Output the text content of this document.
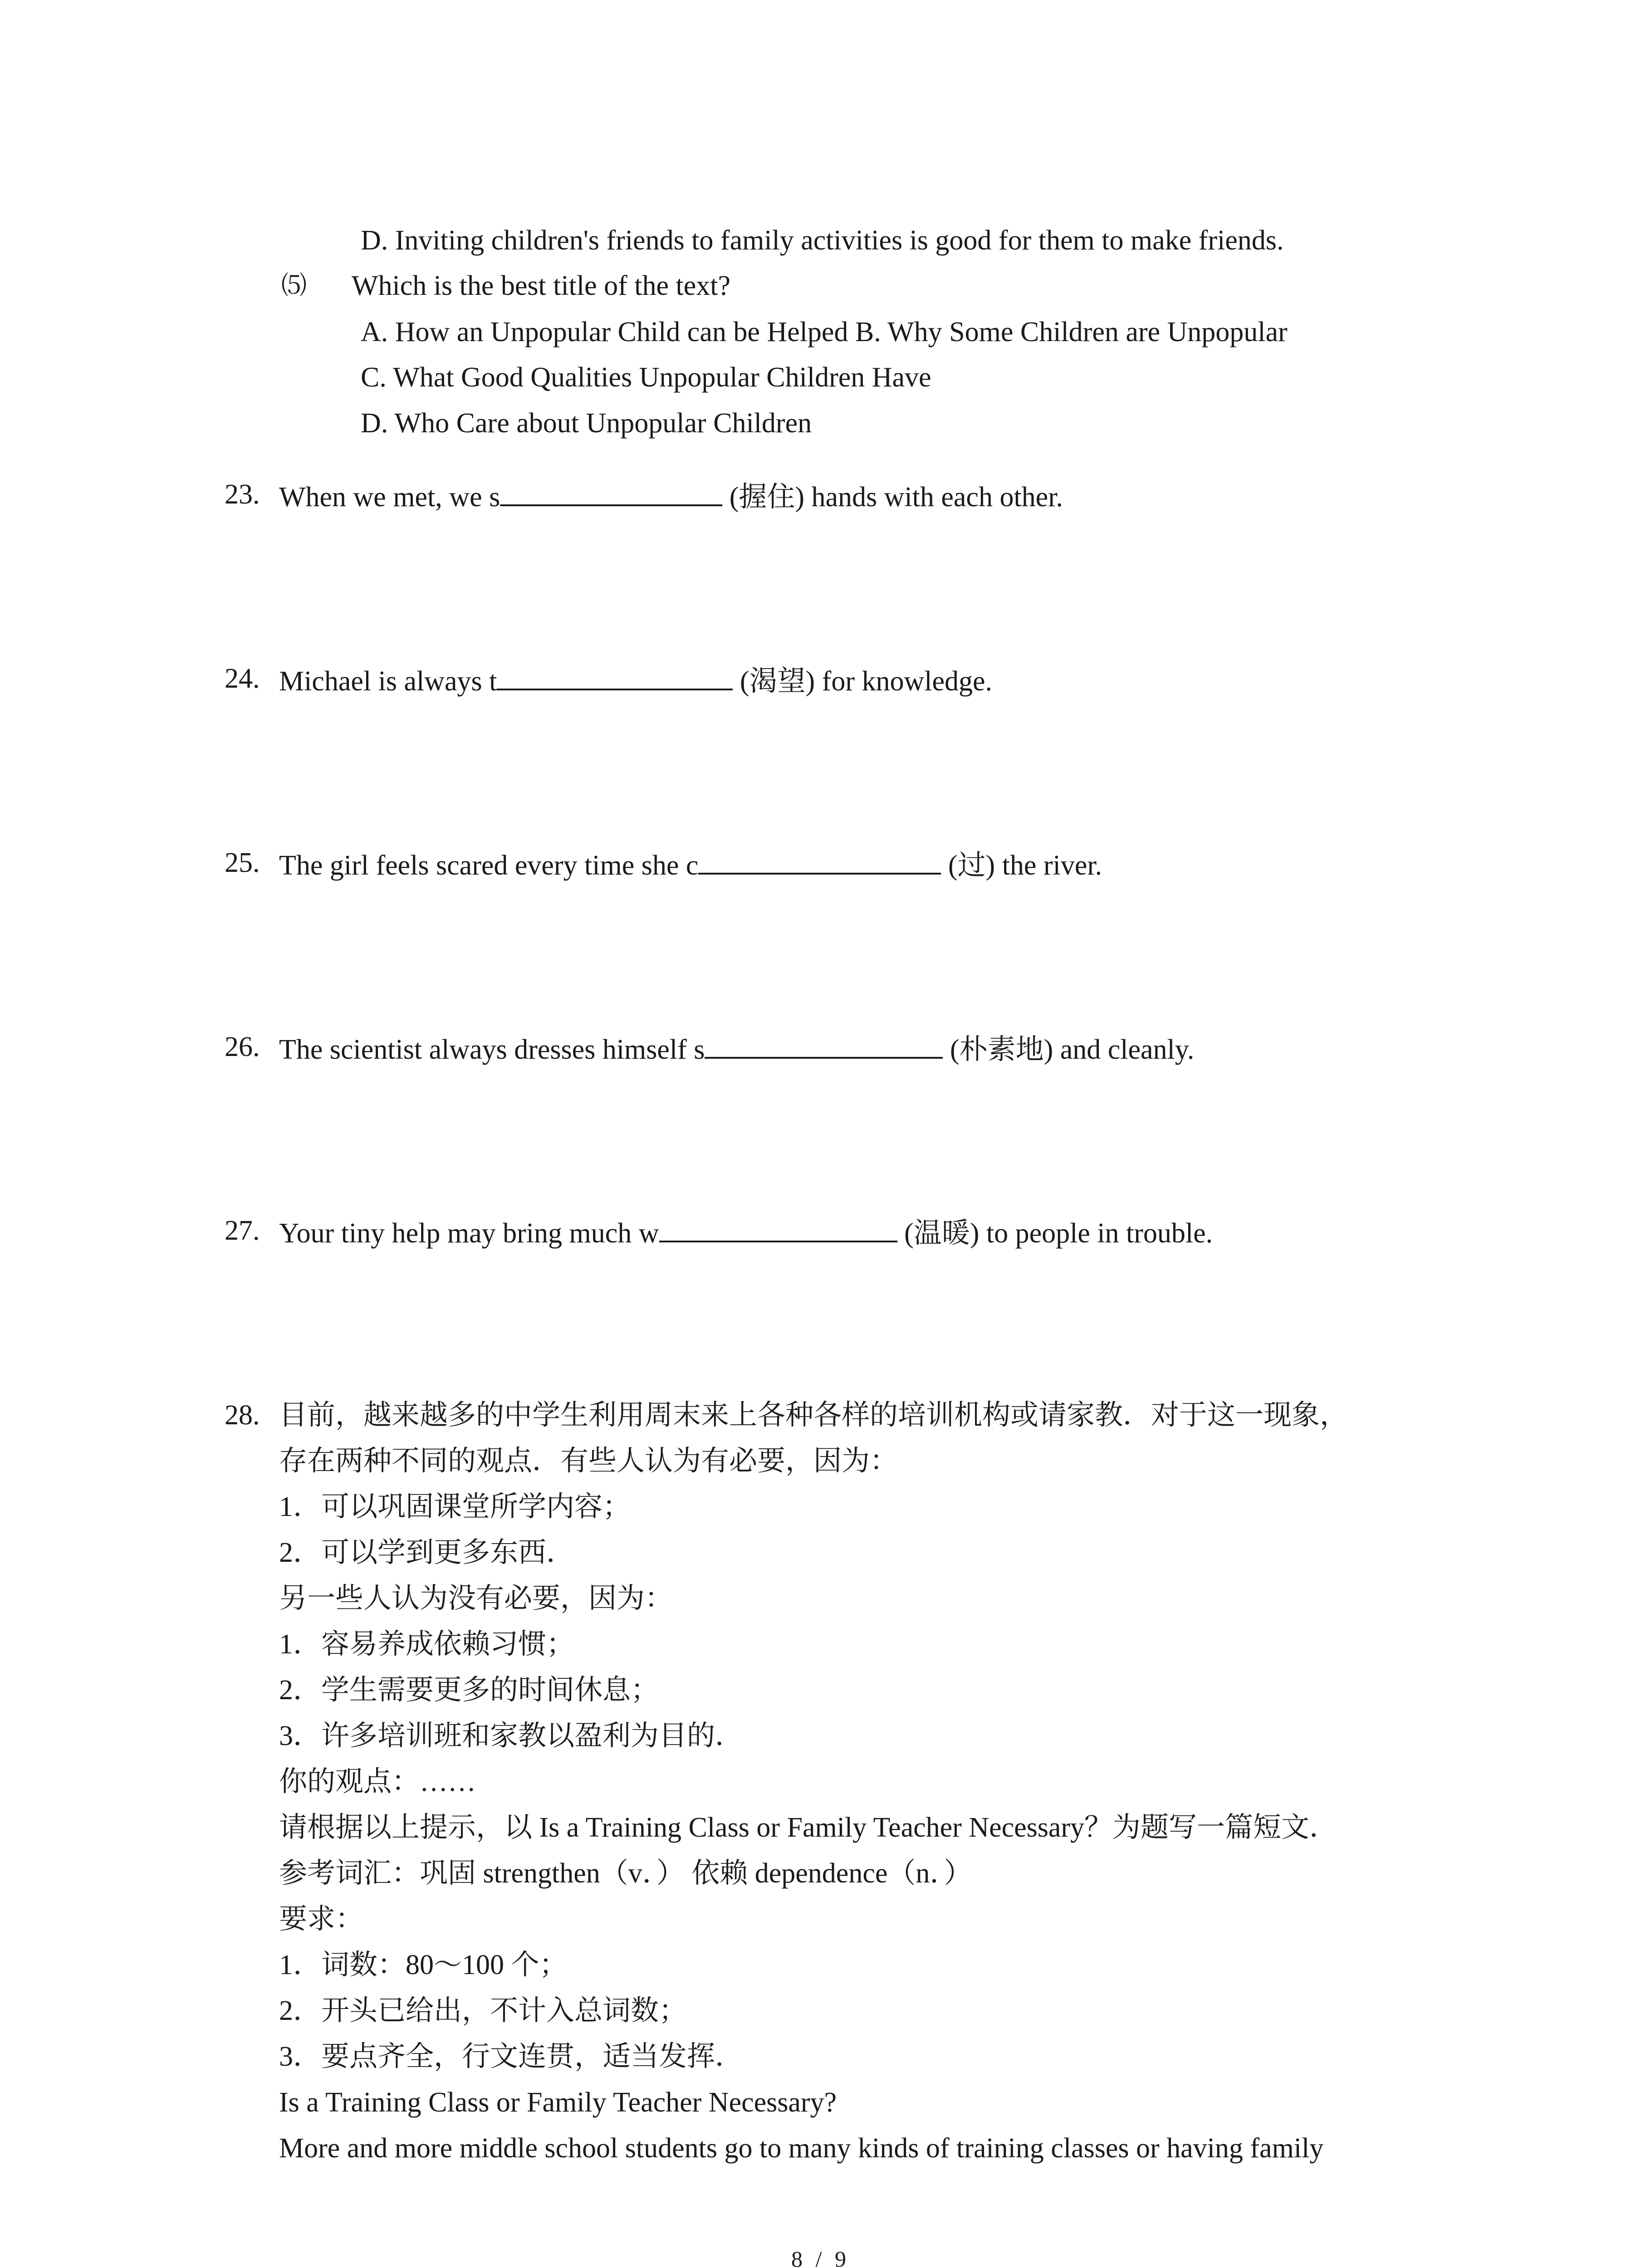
D. Inviting children's friends to family activities is good for them to make friends.
⑸ Which is the best title of the text?
A. How an Unpopular Child can be Helped B. Why Some Children are Unpopular
C. What Good Qualities Unpopular Children Have
D. Who Care about Unpopular Children
23. When we met, we s	(握住) hands with each other.
24. Michael is always t	(渴望) for knowledge.
25. The girl feels scared every time she c	(过) the river.
26. The scientist always dresses himself s	(朴素地) and cleanly.
27. Your tiny help may bring much w	(温暖) to people in trouble.
28. 目前，越来越多的中学生利用周末来上各种各样的培训机构或请家教．对于这一现象，
存在两种不同的观点．有些人认为有必要，因为：
1．可以巩固课堂所学内容；
2．可以学到更多东西．
另一些人认为没有必要，因为：
1．容易养成依赖习惯；
2．学生需要更多的时间休息；
3．许多培训班和家教以盈利为目的．
你的观点：……
请根据以上提示，以 Is a Training Class or Family Teacher Necessary？为题写一篇短文．
参考词汇：巩固 strengthen（v．） 依赖 dependence（n．）
要求：
1．词数：80～100 个；
2．开头已给出，不计入总词数；
3．要点齐全，行文连贯，适当发挥．
Is a Training Class or Family Teacher Necessary?
More and more middle school students go to many kinds of training classes or having family
8 / 9
